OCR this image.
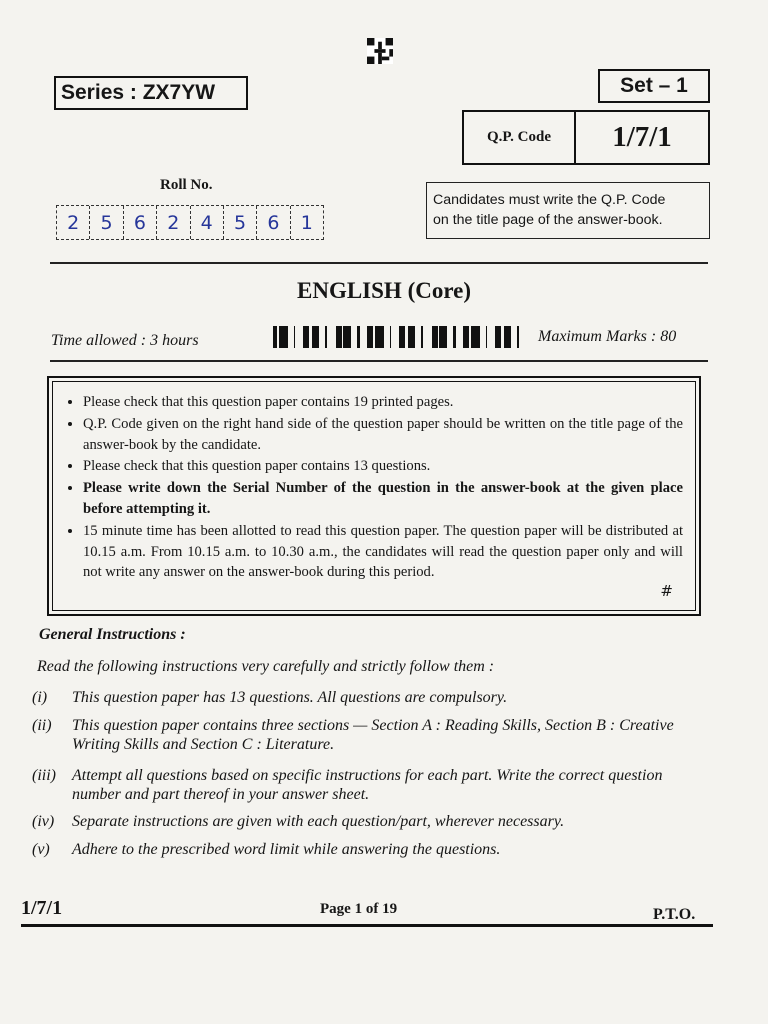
Series : ZX7YW	Set – 1
Q.P. Code	1/7/1
Roll No.
2	5	6	2	4	5	6	1
Candidates must write the Q.P. Code
on the title page of the answer-book.
ENGLISH (Core)
Time allowed : 3 hours	Maximum Marks : 80
• Please check that this question paper contains 19 printed pages.
• Q.P. Code given on the right hand side of the question paper should be written on the title page of the answer-book by the candidate.
• Please check that this question paper contains 13 questions.
• Please write down the Serial Number of the question in the answer-book at the given place before attempting it.
• 15 minute time has been allotted to read this question paper. The question paper will be distributed at 10.15 a.m. From 10.15 a.m. to 10.30 a.m., the candidates will read the question paper only and will not write any answer on the answer-book during this period.
#
General Instructions :
Read the following instructions very carefully and strictly follow them :
(i)	This question paper has 13 questions. All questions are compulsory.
(ii)	This question paper contains three sections — Section A : Reading Skills, Section B : Creative Writing Skills and Section C : Literature.
(iii)	Attempt all questions based on specific instructions for each part. Write the correct question number and part thereof in your answer sheet.
(iv)	Separate instructions are given with each question/part, wherever necessary.
(v)	Adhere to the prescribed word limit while answering the questions.
1/7/1	Page 1 of 19	P.T.O.
